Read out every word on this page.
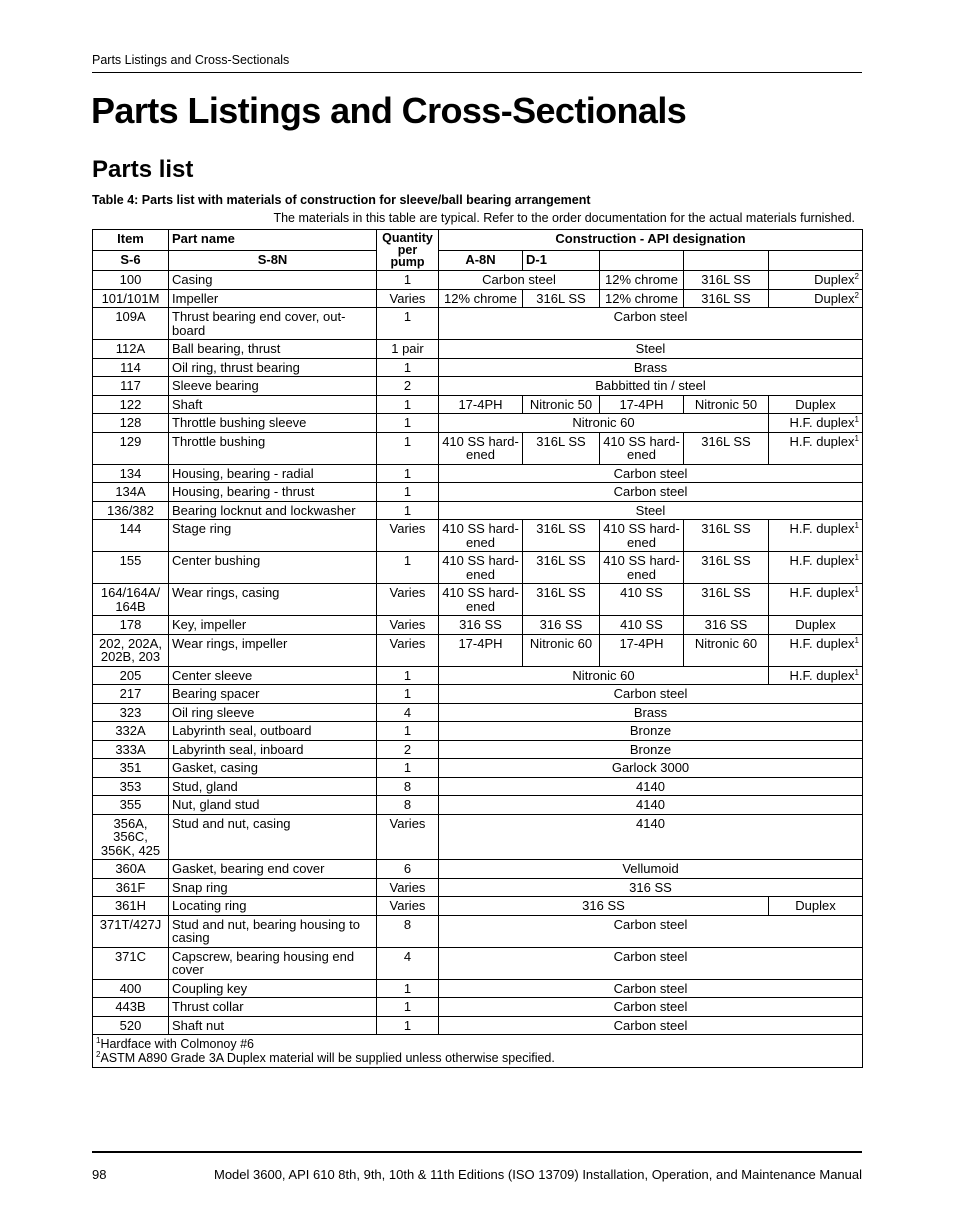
Parts Listings and Cross-Sectionals
Parts Listings and Cross-Sectionals
Parts list
Table 4: Parts list with materials of construction for sleeve/ball bearing arrangement
The materials in this table are typical. Refer to the order documentation for the actual materials furnished.
Item	Part name	Quantity per pump	Construction - API designation				
S-6	S-8N		A-8N	D-1			
100	Casing	1	Carbon steel		12% chrome	316L SS	Duplex$^2$
101/101M	Impeller	Varies	12% chrome	316L SS	12% chrome	316L SS	Duplex$^2$
109A	Thrust bearing end cover, out-board	1	Carbon steel				
112A	Ball bearing, thrust	1 pair	Steel				
114	Oil ring, thrust bearing	1	Brass				
117	Sleeve bearing	2	Babbitted tin / steel				
122	Shaft	1	17-4PH	Nitronic 50	17-4PH	Nitronic 50	Duplex
128	Throttle bushing sleeve	1	Nitronic 60				H.F. duplex$^1$
129	Throttle bushing	1	410 SS hard-ened	316L SS	410 SS hard-ened	316L SS	H.F. duplex$^1$
134	Housing, bearing - radial	1	Carbon steel				
134A	Housing, bearing - thrust	1	Carbon steel				
136/382	Bearing locknut and lockwasher	1	Steel				
144	Stage ring	Varies	410 SS hard-ened	316L SS	410 SS hard-ened	316L SS	H.F. duplex$^1$
155	Center bushing	1	410 SS hard-ened	316L SS	410 SS hard-ened	316L SS	H.F. duplex$^1$
164/164A/ 164B	Wear rings, casing	Varies	410 SS hard-ened	316L SS	410 SS	316L SS	H.F. duplex$^1$
178	Key, impeller	Varies	316 SS	316 SS	410 SS	316 SS	Duplex
202, 202A, 202B, 203	Wear rings, impeller	Varies	17-4PH	Nitronic 60	17-4PH	Nitronic 60	H.F. duplex$^1$
205	Center sleeve	1	Nitronic 60				H.F. duplex$^1$
217	Bearing spacer	1	Carbon steel				
323	Oil ring sleeve	4	Brass				
332A	Labyrinth seal, outboard	1	Bronze				
333A	Labyrinth seal, inboard	2	Bronze				
351	Gasket, casing	1	Garlock 3000				
353	Stud, gland	8	4140				
355	Nut, gland stud	8	4140				
356A, 356C, 356K, 425	Stud and nut, casing	Varies	4140				
360A	Gasket, bearing end cover	6	Vellumoid				
361F	Snap ring	Varies	316 SS				
361H	Locating ring	Varies	316 SS				Duplex
371T/427J	Stud and nut, bearing housing to casing	8	Carbon steel				
371C	Capscrew, bearing housing end cover	4	Carbon steel				
400	Coupling key	1	Carbon steel				
443B	Thrust collar	1	Carbon steel				
520	Shaft nut	1	Carbon steel				

$^1$Hardface with Colmonoy #6
$^2$ASTM A890 Grade 3A Duplex material will be supplied unless otherwise specified.							
98	Model 3600, API 610 8th, 9th, 10th & 11th Editions (ISO 13709) Installation, Operation, and Maintenance Manual
